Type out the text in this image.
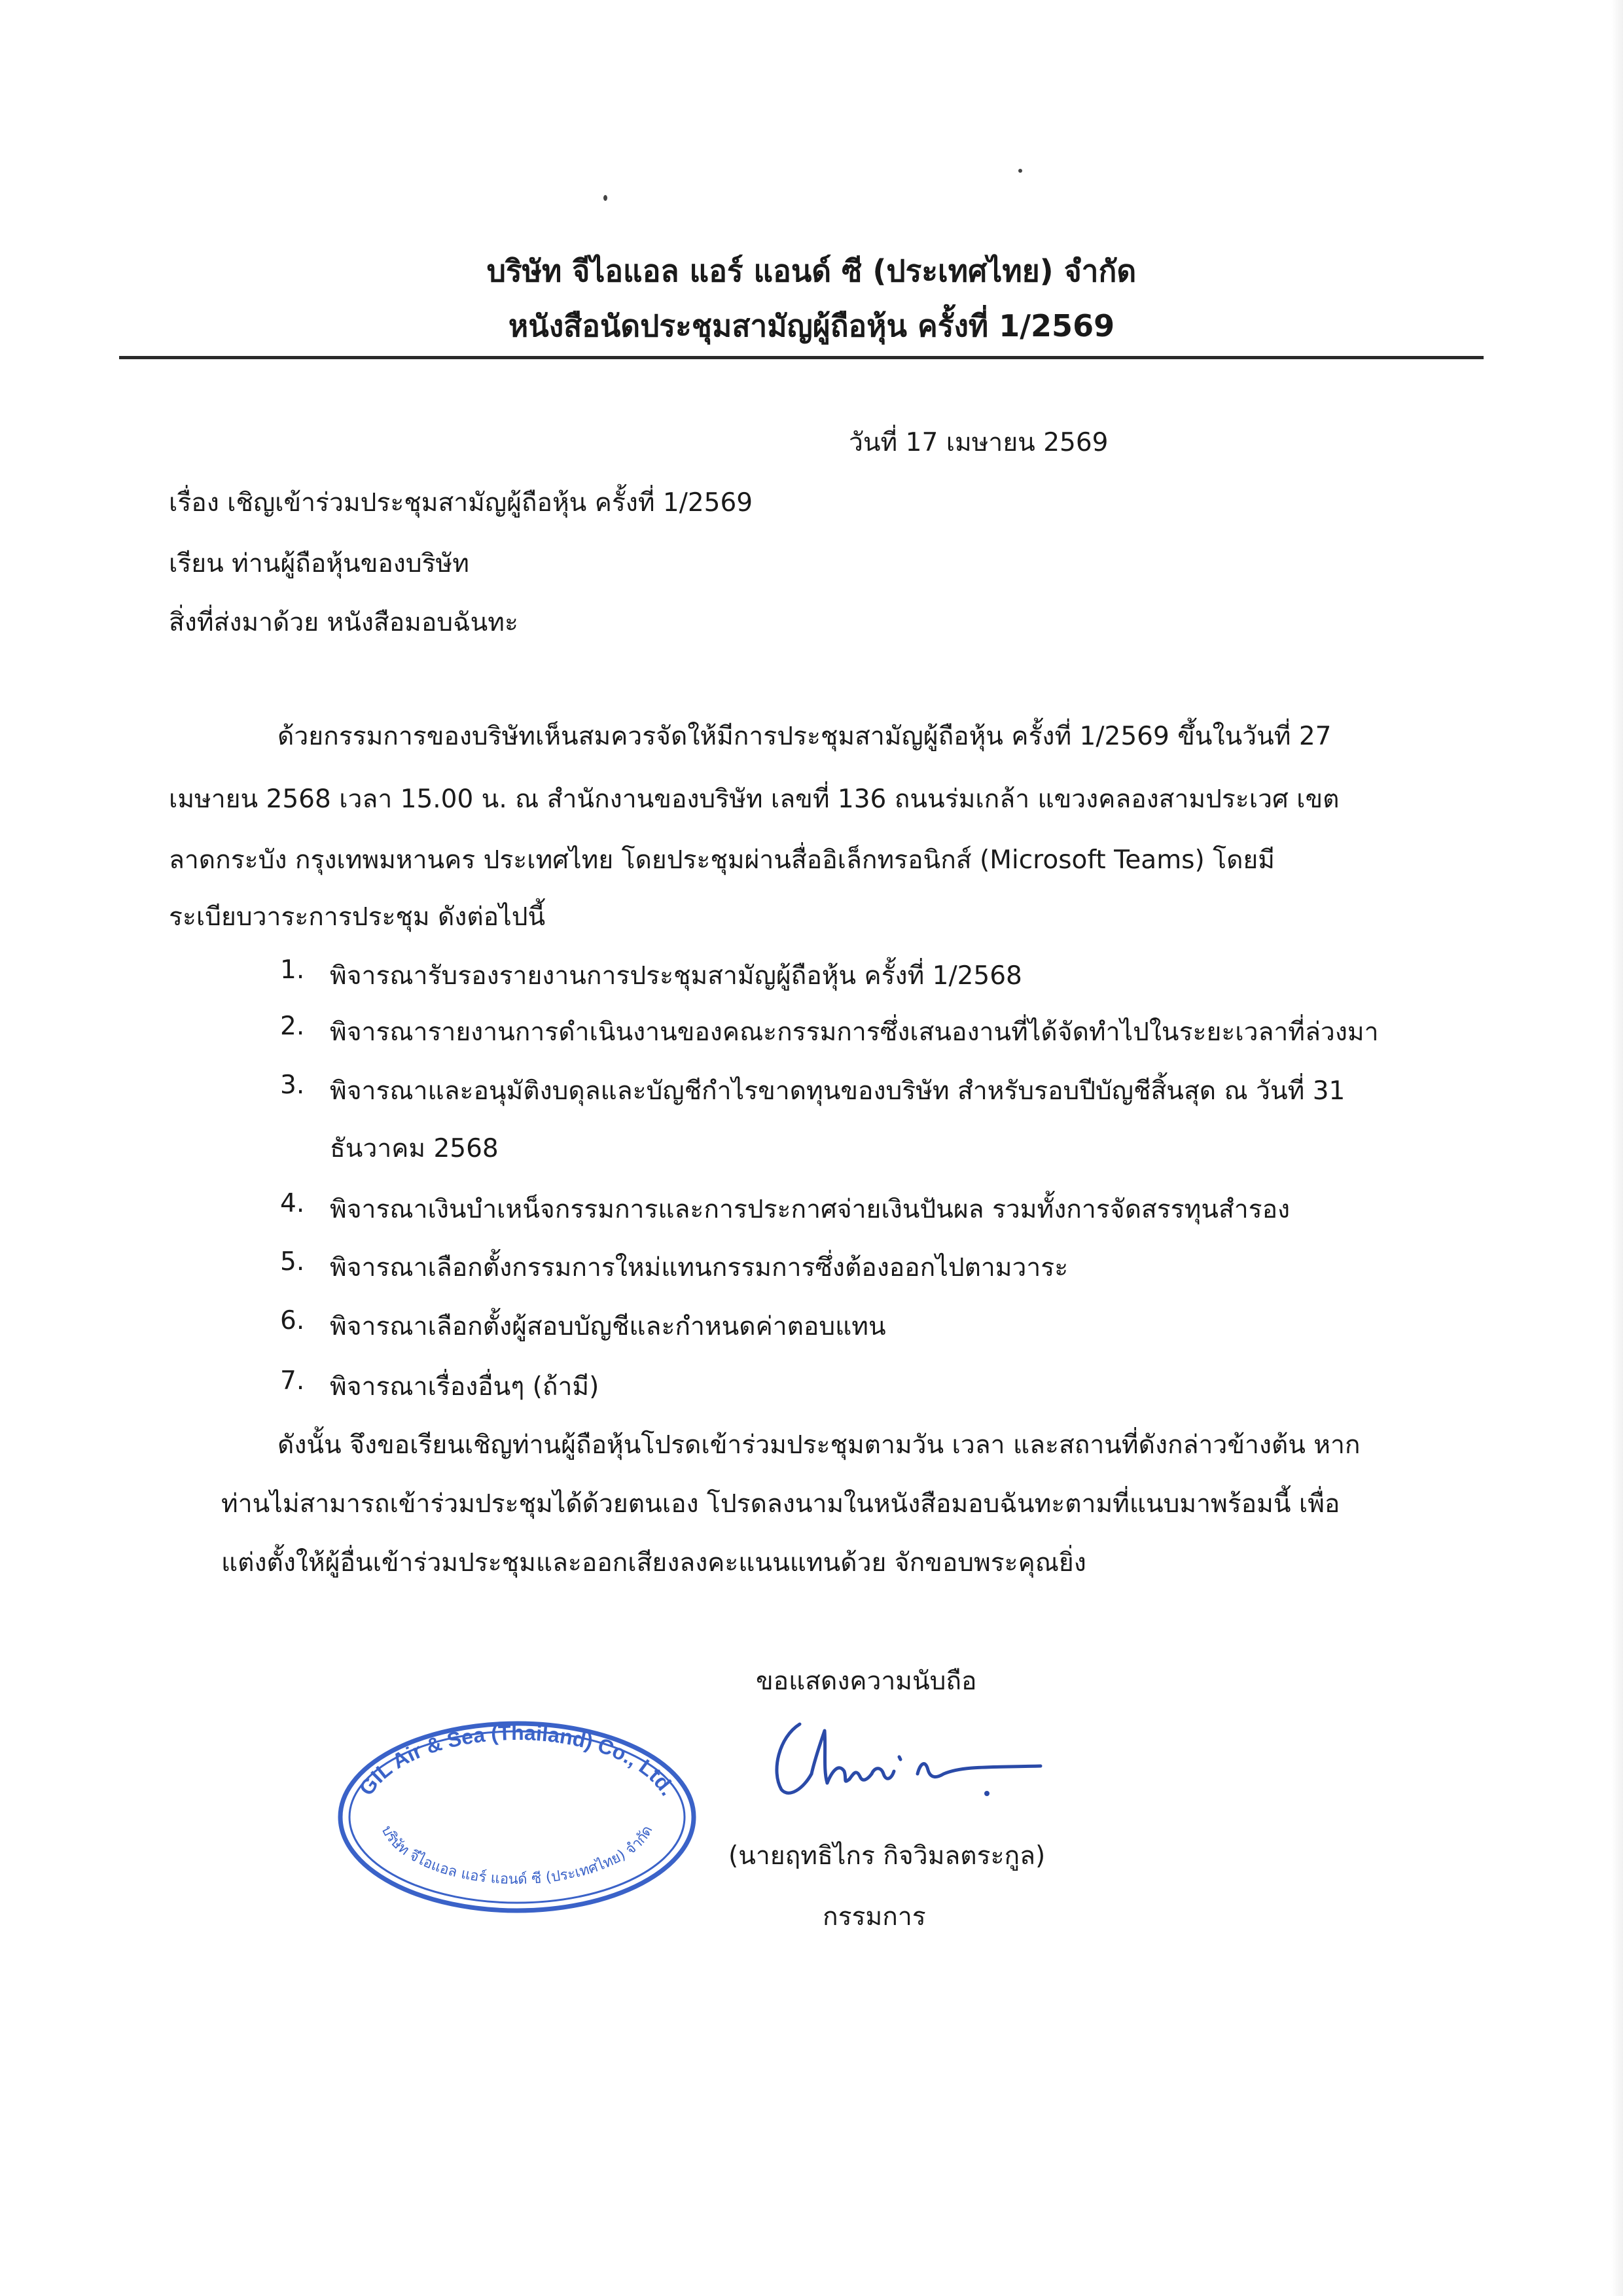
บริษัท จีไอแอล แอร์ แอนด์ ซี (ประเทศไทย) จำกัด
หนังสือนัดประชุมสามัญผู้ถือหุ้น ครั้งที่ 1/2569
วันที่ 17 เมษายน 2569
เรื่อง เชิญเข้าร่วมประชุมสามัญผู้ถือหุ้น ครั้งที่ 1/2569
เรียน ท่านผู้ถือหุ้นของบริษัท
สิ่งที่ส่งมาด้วย หนังสือมอบฉันทะ
ด้วยกรรมการของบริษัทเห็นสมควรจัดให้มีการประชุมสามัญผู้ถือหุ้น ครั้งที่ 1/2569 ขึ้นในวันที่ 27
เมษายน 2568 เวลา 15.00 น. ณ สำนักงานของบริษัท เลขที่ 136 ถนนร่มเกล้า แขวงคลองสามประเวศ เขต
ลาดกระบัง กรุงเทพมหานคร ประเทศไทย โดยประชุมผ่านสื่ออิเล็กทรอนิกส์ (Microsoft Teams) โดยมี
ระเบียบวาระการประชุม ดังต่อไปนี้
1. พิจารณารับรองรายงานการประชุมสามัญผู้ถือหุ้น ครั้งที่ 1/2568
2. พิจารณารายงานการดำเนินงานของคณะกรรมการซึ่งเสนองานที่ได้จัดทำไปในระยะเวลาที่ล่วงมา
3. พิจารณาและอนุมัติงบดุลและบัญชีกำไรขาดทุนของบริษัท สำหรับรอบปีบัญชีสิ้นสุด ณ วันที่ 31
ธันวาคม 2568
4. พิจารณาเงินบำเหน็จกรรมการและการประกาศจ่ายเงินปันผล รวมทั้งการจัดสรรทุนสำรอง
5. พิจารณาเลือกตั้งกรรมการใหม่แทนกรรมการซึ่งต้องออกไปตามวาระ
6. พิจารณาเลือกตั้งผู้สอบบัญชีและกำหนดค่าตอบแทน
7. พิจารณาเรื่องอื่นๆ (ถ้ามี)
ดังนั้น จึงขอเรียนเชิญท่านผู้ถือหุ้นโปรดเข้าร่วมประชุมตามวัน เวลา และสถานที่ดังกล่าวข้างต้น หาก
ท่านไม่สามารถเข้าร่วมประชุมได้ด้วยตนเอง โปรดลงนามในหนังสือมอบฉันทะตามที่แนบมาพร้อมนี้ เพื่อ
แต่งตั้งให้ผู้อื่นเข้าร่วมประชุมและออกเสียงลงคะแนนแทนด้วย จักขอบพระคุณยิ่ง
ขอแสดงความนับถือ
(นายฤทธิไกร กิจวิมลตระกูล)
กรรมการ
GIL Air & Sea (Thailand) Co., Ltd.
บริษัท จีไอแอล แอร์ แอนด์ ซี (ประเทศไทย) จำกัด
